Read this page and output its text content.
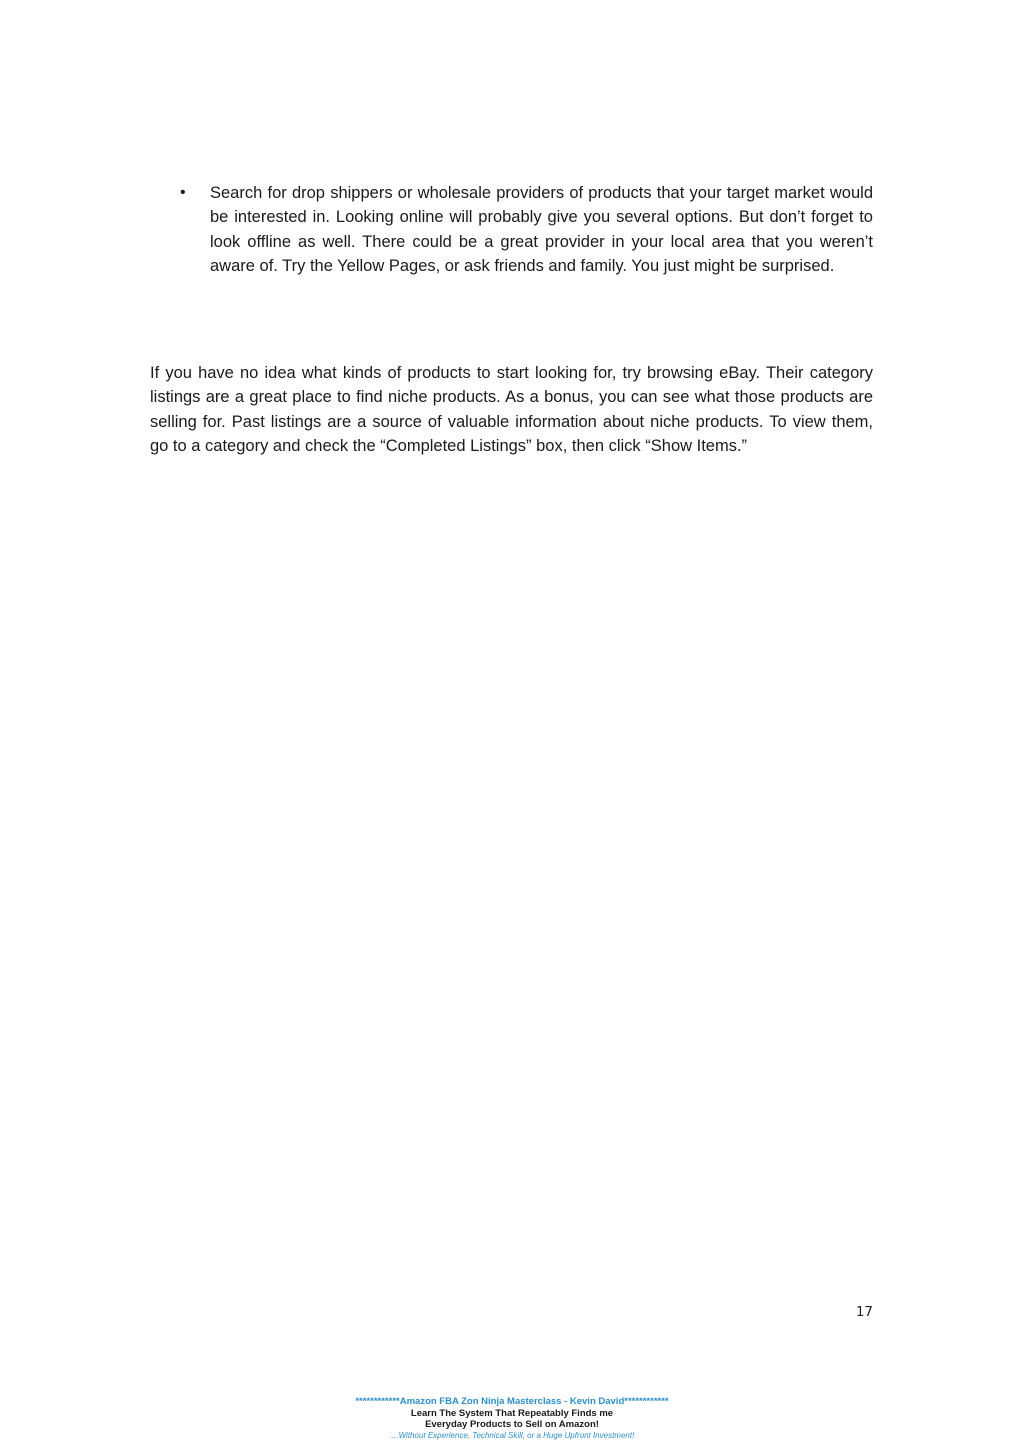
• Search for drop shippers or wholesale providers of products that your target market would be interested in. Looking online will probably give you several options. But don’t forget to look offline as well. There could be a great provider in your local area that you weren’t aware of. Try the Yellow Pages, or ask friends and family. You just might be surprised.

If you have no idea what kinds of products to start looking for, try browsing eBay. Their category listings are a great place to find niche products. As a bonus, you can see what those products are selling for. Past listings are a source of valuable information about niche products. To view them, go to a category and check the “Completed Listings” box, then click “Show Items.”

17
************Amazon FBA Zon Ninja Masterclass - Kevin David************
Learn The System That Repeatably Finds me
Everyday Products to Sell on Amazon!
....Without Experience, Technical Skill, or a Huge Upfront Investment!
